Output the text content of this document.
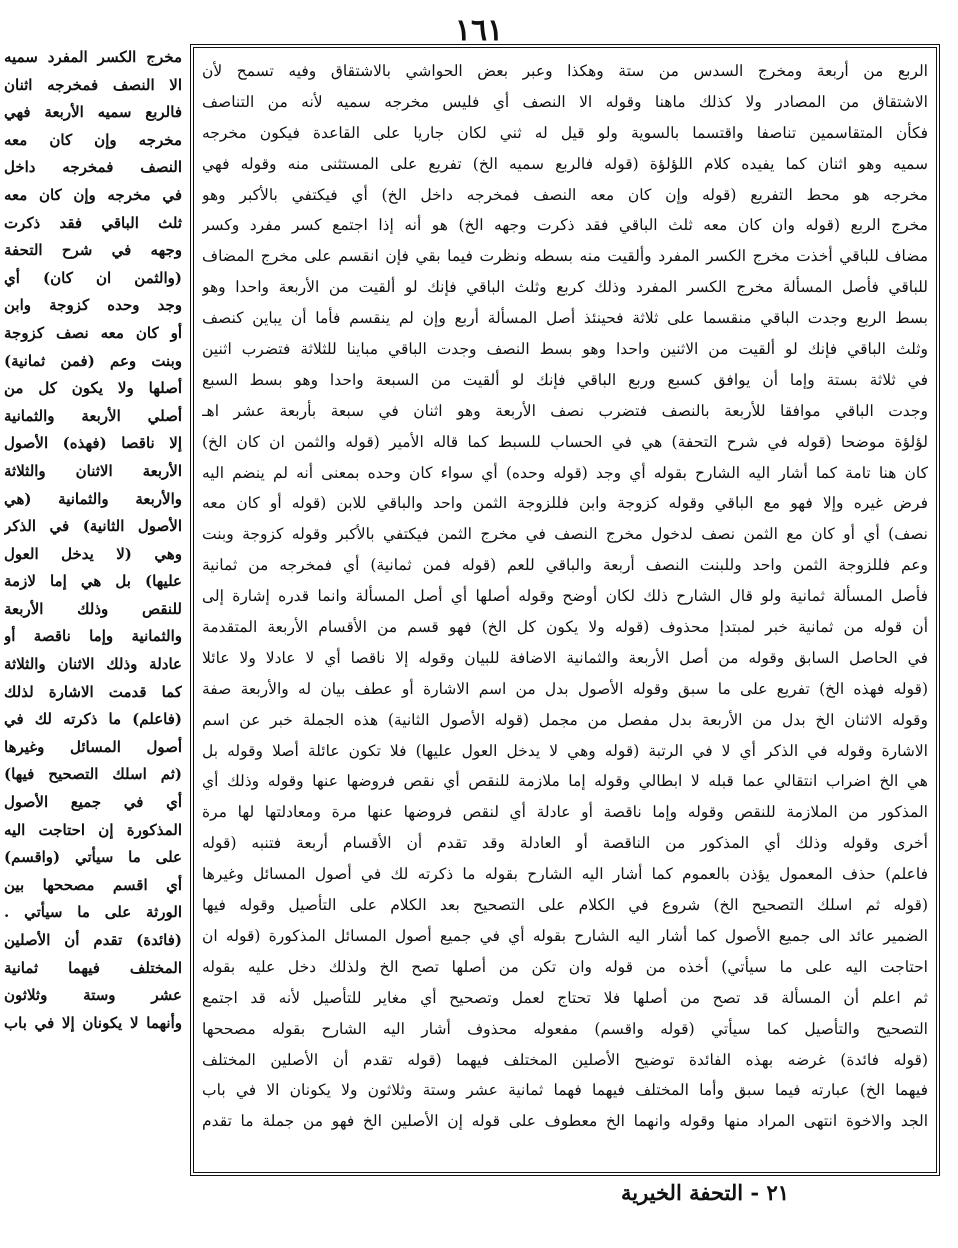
١٦١
مخرج الكسر المفرد سميه
الا النصف فمخرجه اثنان
فالربع سميه الأربعة فهي
مخرجه وإن كان معه
النصف فمخرجه داخل
في مخرجه وإن كان معه
ثلث الباقي فقد ذكرت
وجهه في شرح التحفة
(والثمن ان كان) أي
وجد وحده كزوجة وابن
أو كان معه نصف كزوجة
وبنت وعم (فمن ثمانية)
أصلها ولا يكون كل من
أصلي الأربعة والثمانية
إلا ناقصا (فهذه) الأصول
الأربعة الاثنان والثلاثة
والأربعة والثمانية (هي
الأصول الثانية) في الذكر
وهي (لا يدخل العول
عليها) بل هي إما لازمة
للنقص وذلك الأربعة
والثمانية وإما ناقصة أو
عادلة وذلك الاثنان والثلاثة
كما قدمت الاشارة لذلك
(فاعلم) ما ذكرته لك في
أصول المسائل وغيرها
(ثم اسلك التصحيح فيها)
أي في جميع الأصول
المذكورة إن احتاجت اليه
على ما سيأتي (واقسم)
أي اقسم مصححها بين
الورثة على ما سيأتي .
(فائدة) تقدم أن الأصلين
المختلف فيهما ثمانية
عشر وستة وثلاثون
وأنهما لا يكونان إلا في باب
الربع من أربعة ومخرج السدس من ستة وهكذا وعبر بعض الحواشي بالاشتقاق وفيه تسمح لأن
الاشتقاق من المصادر ولا كذلك ماهنا وقوله الا النصف أي فليس مخرجه سميه لأنه من التناصف
فكأن المتقاسمين تناصفا واقتسما بالسوية ولو قيل له ثني لكان جاريا على القاعدة فيكون مخرجه
سميه وهو اثنان كما يفيده كلام اللؤلؤة (قوله فالربع سميه الخ) تفريع على المستثنى منه وقوله فهي
مخرجه هو محط التفريع (قوله وإن كان معه النصف فمخرجه داخل الخ) أي فيكتفي بالأكبر وهو
مخرج الربع (قوله وان كان معه ثلث الباقي فقد ذكرت وجهه الخ) هو أنه إذا اجتمع كسر مفرد وكسر
مضاف للباقي أخذت مخرج الكسر المفرد وألقيت منه بسطه ونظرت فيما بقي فإن انقسم على مخرج المضاف
للباقي فأصل المسألة مخرج الكسر المفرد وذلك كربع وثلث الباقي فإنك لو ألقيت من الأربعة واحدا وهو
بسط الربع وجدت الباقي منقسما على ثلاثة فحينئذ أصل المسألة أربع وإن لم ينقسم فأما أن يباين كنصف
وثلث الباقي فإنك لو ألقيت من الاثنين واحدا وهو بسط النصف وجدت الباقي مباينا للثلاثة فتضرب اثنين
في ثلاثة بستة وإما أن يوافق كسبع وربع الباقي فإنك لو ألقيت من السبعة واحدا وهو بسط السبع
وجدت الباقي موافقا للأربعة بالنصف فتضرب نصف الأربعة وهو اثنان في سبعة بأربعة عشر اهـ
لؤلؤة موضحا (قوله في شرح التحفة) هي في الحساب للسبط كما قاله الأمير (قوله والثمن ان كان الخ)
كان هنا تامة كما أشار اليه الشارح بقوله أي وجد (قوله وحده) أي سواء كان وحده بمعنى أنه لم ينضم اليه
فرض غيره وإلا فهو مع الباقي وقوله كزوجة وابن فللزوجة الثمن واحد والباقي للابن (قوله أو كان معه
نصف) أي أو كان مع الثمن نصف لدخول مخرج النصف في مخرج الثمن فيكتفي بالأكبر وقوله كزوجة وبنت
وعم فللزوجة الثمن واحد وللبنت النصف أربعة والباقي للعم (قوله فمن ثمانية) أي فمخرجه من ثمانية
فأصل المسألة ثمانية ولو قال الشارح ذلك لكان أوضح وقوله أصلها أي أصل المسألة وانما قدره إشارة إلى
أن قوله من ثمانية خبر لمبتدإ محذوف (قوله ولا يكون كل الخ) فهو قسم من الأقسام الأربعة المتقدمة
في الحاصل السابق وقوله من أصل الأربعة والثمانية الاضافة للبيان وقوله إلا ناقصا أي لا عادلا ولا عائلا
(قوله فهذه الخ) تفريع على ما سبق وقوله الأصول بدل من اسم الاشارة أو عطف بيان له والأربعة صفة
وقوله الاثنان الخ بدل من الأربعة بدل مفصل من مجمل (قوله الأصول الثانية) هذه الجملة خبر عن اسم
الاشارة وقوله في الذكر أي لا في الرتبة (قوله وهي لا يدخل العول عليها) فلا تكون عائلة أصلا وقوله بل
هي الخ اضراب انتقالي عما قبله لا ابطالي وقوله إما ملازمة للنقص أي نقص فروضها عنها وقوله وذلك أي
المذكور من الملازمة للنقص وقوله وإما ناقصة أو عادلة أي لنقص فروضها عنها مرة ومعادلتها لها مرة
أخرى وقوله وذلك أي المذكور من الناقصة أو العادلة وقد تقدم أن الأقسام أربعة فتنبه (قوله
فاعلم) حذف المعمول يؤذن بالعموم كما أشار اليه الشارح بقوله ما ذكرته لك في أصول المسائل وغيرها
(قوله ثم اسلك التصحيح الخ) شروع في الكلام على التصحيح بعد الكلام على التأصيل وقوله فيها
الضمير عائد الى جميع الأصول كما أشار اليه الشارح بقوله أي في جميع أصول المسائل المذكورة (قوله ان
احتاجت اليه على ما سيأتي) أخذه من قوله وان تكن من أصلها تصح الخ ولذلك دخل عليه بقوله
ثم اعلم أن المسألة قد تصح من أصلها فلا تحتاج لعمل وتصحيح أي مغاير للتأصيل لأنه قد اجتمع
التصحيح والتأصيل كما سيأتي (قوله واقسم) مفعوله محذوف أشار اليه الشارح بقوله مصححها
(قوله فائدة) غرضه بهذه الفائدة توضيح الأصلين المختلف فيهما (قوله تقدم أن الأصلين المختلف
فيهما الخ) عبارته فيما سبق وأما المختلف فيهما فهما ثمانية عشر وستة وثلاثون ولا يكونان الا في باب
الجد والاخوة انتهى المراد منها وقوله وانهما الخ معطوف على قوله إن الأصلين الخ فهو من جملة ما تقدم
٢١ - التحفة الخيرية
